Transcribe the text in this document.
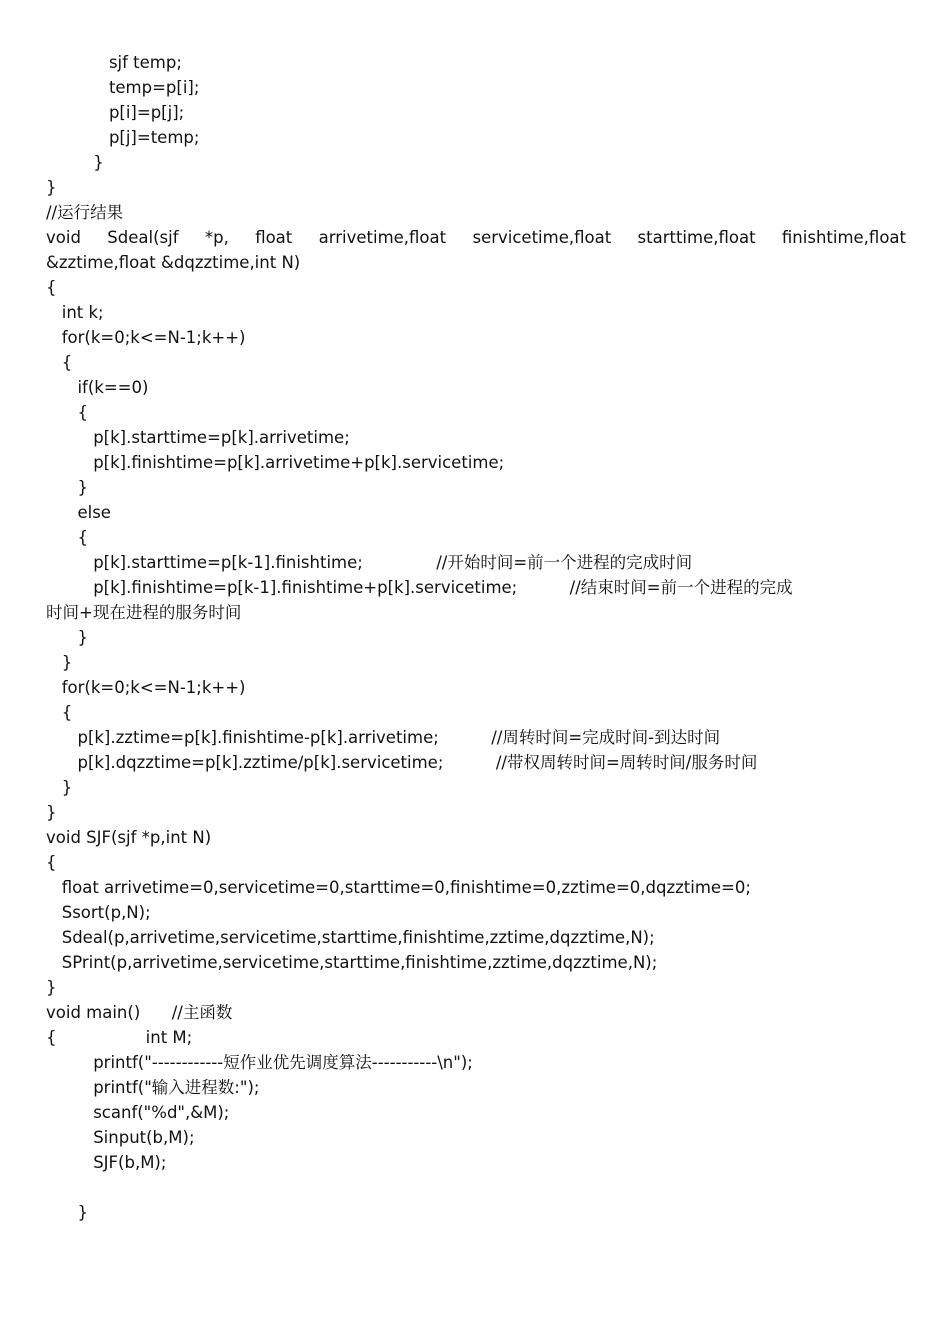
sjf temp;
temp=p[i];
p[i]=p[j];
p[j]=temp;
}
}
//运行结果
void Sdeal(sjf *p, float arrivetime,float servicetime,float starttime,float finishtime,float
&zztime,float &dqzztime,int N)
{
int k;
for(k=0;k<=N-1;k++)
{
if(k==0)
{
p[k].starttime=p[k].arrivetime;
p[k].finishtime=p[k].arrivetime+p[k].servicetime;
}
else
{
p[k].starttime=p[k-1].finishtime;              //开始时间=前一个进程的完成时间
p[k].finishtime=p[k-1].finishtime+p[k].servicetime;          //结束时间=前一个进程的完成
时间+现在进程的服务时间
}
}
for(k=0;k<=N-1;k++)
{
p[k].zztime=p[k].finishtime-p[k].arrivetime;          //周转时间=完成时间-到达时间
p[k].dqzztime=p[k].zztime/p[k].servicetime;          //带权周转时间=周转时间/服务时间
}
}
void SJF(sjf *p,int N)
{
float arrivetime=0,servicetime=0,starttime=0,finishtime=0,zztime=0,dqzztime=0;
Ssort(p,N);
Sdeal(p,arrivetime,servicetime,starttime,finishtime,zztime,dqzztime,N);
SPrint(p,arrivetime,servicetime,starttime,finishtime,zztime,dqzztime,N);
}
void main()      //主函数
{                 int M;
printf("------------短作业优先调度算法-----------\n");
printf("输入进程数:");
scanf("%d",&M);
Sinput(b,M);
SJF(b,M);
}
